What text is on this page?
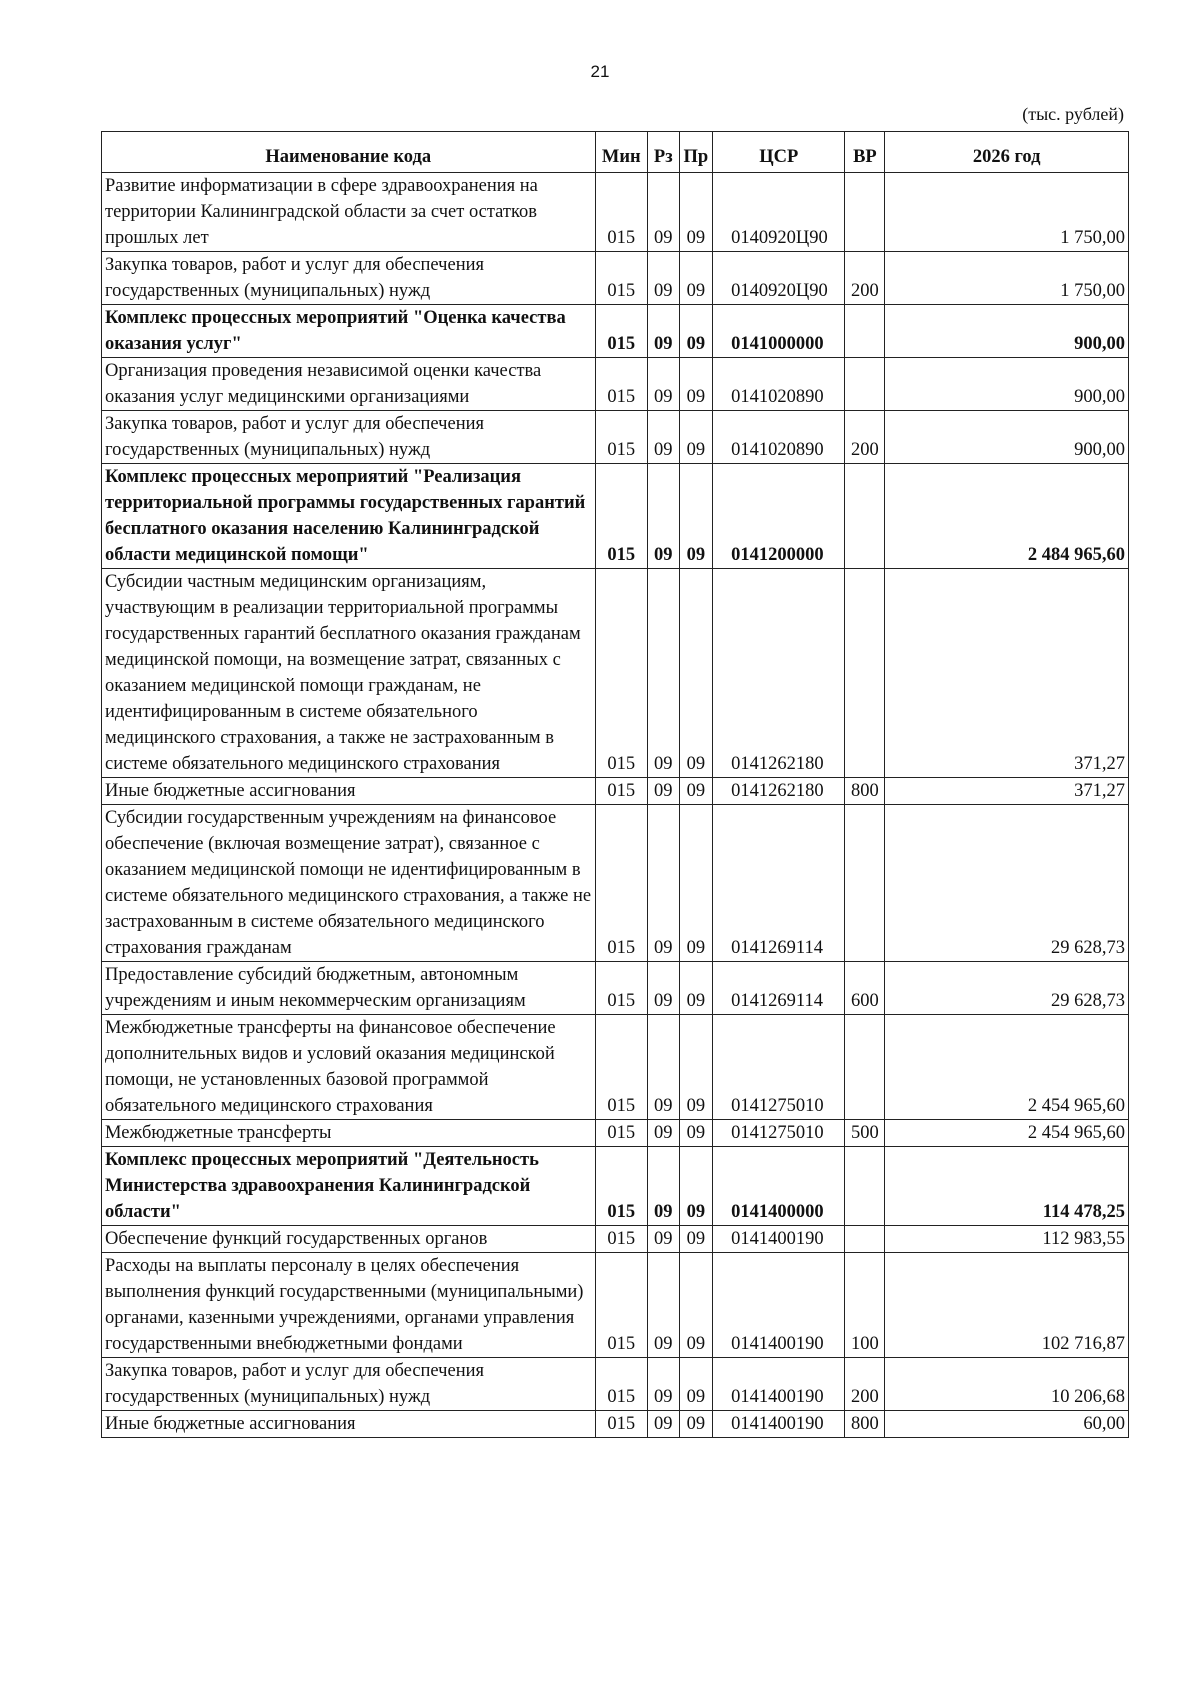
21
(тыс. рублей)
Наименование кода	Мин	Рз	Пр	ЦСР	ВР	2026 год
Развитие информатизации в сфере здравоохранения на территории Калининградской области за счет остатков прошлых лет	015	09	09	0140920Ц90		1 750,00
Закупка товаров, работ и услуг для обеспечения государственных (муниципальных) нужд	015	09	09	0140920Ц90	200	1 750,00
Комплекс процессных мероприятий "Оценка качества оказания услуг"	015	09	09	0141000000		900,00
Организация проведения независимой оценки качества оказания услуг медицинскими организациями	015	09	09	0141020890		900,00
Закупка товаров, работ и услуг для обеспечения государственных (муниципальных) нужд	015	09	09	0141020890	200	900,00
Комплекс процессных мероприятий "Реализация территориальной программы государственных гарантий бесплатного оказания населению Калининградской области медицинской помощи"	015	09	09	0141200000		2 484 965,60
Субсидии частным медицинским организациям, участвующим в реализации территориальной программы государственных гарантий бесплатного оказания гражданам медицинской помощи, на возмещение затрат, связанных с оказанием медицинской помощи гражданам, не идентифицированным в системе обязательного медицинского страхования, а также не застрахованным в системе обязательного медицинского страхования	015	09	09	0141262180		371,27
Иные бюджетные ассигнования	015	09	09	0141262180	800	371,27
Субсидии государственным учреждениям на финансовое обеспечение (включая возмещение затрат), связанное с оказанием медицинской помощи не идентифицированным в системе обязательного медицинского страхования, а также не застрахованным в системе обязательного медицинского страхования гражданам	015	09	09	0141269114		29 628,73
Предоставление субсидий бюджетным, автономным учреждениям и иным некоммерческим организациям	015	09	09	0141269114	600	29 628,73
Межбюджетные трансферты на финансовое обеспечение дополнительных видов и условий оказания медицинской помощи, не установленных базовой программой обязательного медицинского страхования	015	09	09	0141275010		2 454 965,60
Межбюджетные трансферты	015	09	09	0141275010	500	2 454 965,60
Комплекс процессных мероприятий "Деятельность Министерства здравоохранения Калининградской области"	015	09	09	0141400000		114 478,25
Обеспечение функций государственных органов	015	09	09	0141400190		112 983,55
Расходы на выплаты персоналу в целях обеспечения выполнения функций государственными (муниципальными) органами, казенными учреждениями, органами управления государственными внебюджетными фондами	015	09	09	0141400190	100	102 716,87
Закупка товаров, работ и услуг для обеспечения государственных (муниципальных) нужд	015	09	09	0141400190	200	10 206,68
Иные бюджетные ассигнования	015	09	09	0141400190	800	60,00
